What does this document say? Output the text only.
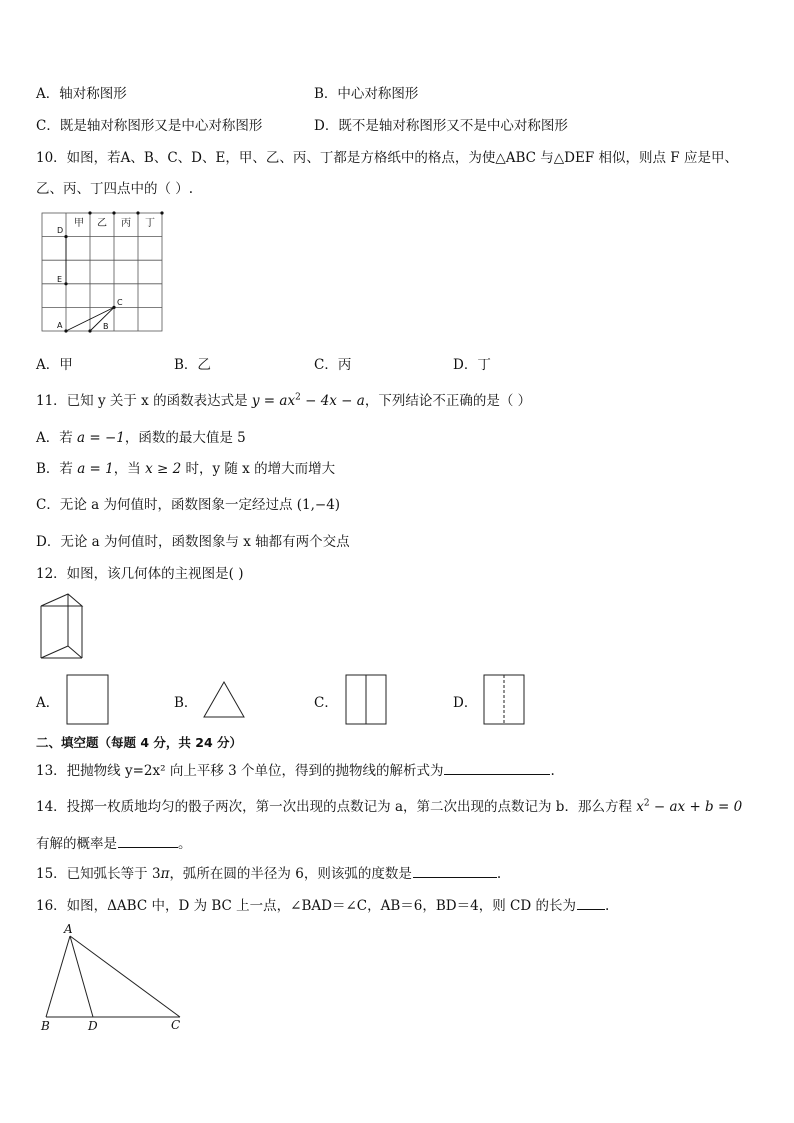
A．轴对称图形	B．中心对称图形
C．既是轴对称图形又是中心对称图形	D．既不是轴对称图形又不是中心对称图形
10．如图，若A、B、C、D、E，甲、乙、丙、丁都是方格纸中的格点，为使△ABC 与△DEF 相似，则点 F 应是甲、
乙、丙、丁四点中的（ ）.
甲 乙 丙 丁
D
E
A	B
C
A．甲	B．乙	C．丙	D．丁
11．已知 y 关于 x 的函数表达式是 $y = ax^2 - 4x - a$，下列结论不正确的是（ ）
A．若 a = −1，函数的最大值是 5
B．若 a = 1，当 x ≥ 2 时，y 随 x 的增大而增大
C．无论 a 为何值时，函数图象一定经过点 (1,−4)
D．无论 a 为何值时，函数图象与 x 轴都有两个交点
12．如图，该几何体的主视图是( )
A．	B．	C．	D．
二、填空题（每题 4 分，共 24 分）
13．把抛物线 y=2x² 向上平移 3 个单位，得到的抛物线的解析式为	.
14．投掷一枚质地均匀的骰子两次，第一次出现的点数记为 a，第二次出现的点数记为 b．那么方程 $x^2$ − ax + b = 0
有解的概率是	。
15．已知弧长等于 3π，弧所在圆的半径为 6，则该弧的度数是	.
16．如图，ΔABC 中，D 为 BC 上一点，∠BAD＝∠C，AB＝6，BD＝4，则 CD 的长为 .
A
B	D	C
